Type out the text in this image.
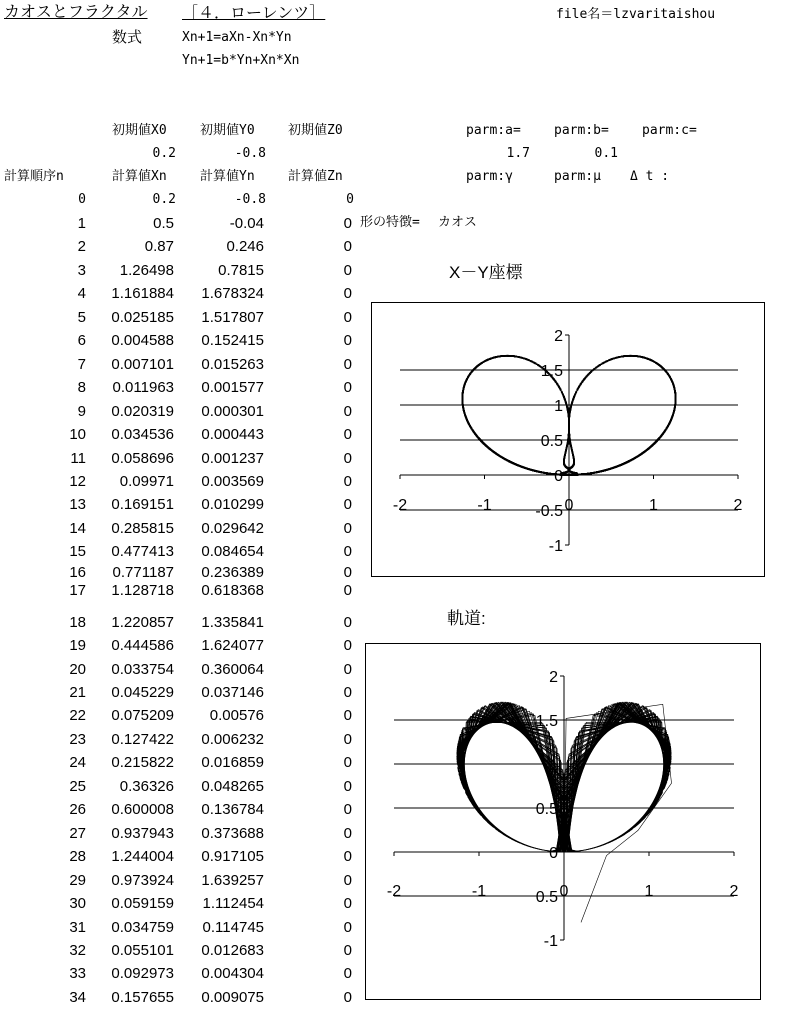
カオスとフラクタル ［４．ローレンツ］	file名＝lzvaritaishou
数式	Xn+1=aXn-Xn*Yn
Yn+1=b*Yn+Xn*Xn
初期値X0	初期値Y0	初期値Z0
0.2	-0.8
parm:a=	parm:b=	parm:c=
1.7	0.1
parm:γ	parm:μ Δ t :
計算順序n	計算値Xn	計算値Yn	計算値Zn
0	0.2	-0.8	0
1	0.5	-0.04	0
2	0.87	0.246	0
3	1.26498	0.7815	0
4	1.161884	1.678324	0
5	0.025185	1.517807	0
6	0.004588	0.152415	0
7	0.007101	0.015263	0
8	0.011963	0.001577	0
9	0.020319	0.000301	0
10	0.034536	0.000443	0
11	0.058696	0.001237	0
12	0.09971	0.003569	0
13	0.169151	0.010299	0
14	0.285815	0.029642	0
15	0.477413	0.084654	0
16	0.771187	0.236389	0
17	1.128718	0.618368	0
18	1.220857	1.335841	0
19	0.444586	1.624077	0
20	0.033754	0.360064	0
21	0.045229	0.037146	0
22	0.075209	0.00576	0
23	0.127422	0.006232	0
24	0.215822	0.016859	0
25	0.36326	0.048265	0
26	0.600008	0.136784	0
27	0.937943	0.373688	0
28	1.244004	0.917105	0
29	0.973924	1.639257	0
30	0.059159	1.112454	0
31	0.034759	0.114745	0
32	0.055101	0.012683	0
33	0.092973	0.004304	0
34	0.157655	0.009075	0
形の特徴= カオス
X－Y座標
-1
-0.5
0
0.5
1
1.5
2
-2	-1	0	1	2
軌道:
-1
0.5
0
0.5
1
1.5
2
-2	-1	0	1	2
